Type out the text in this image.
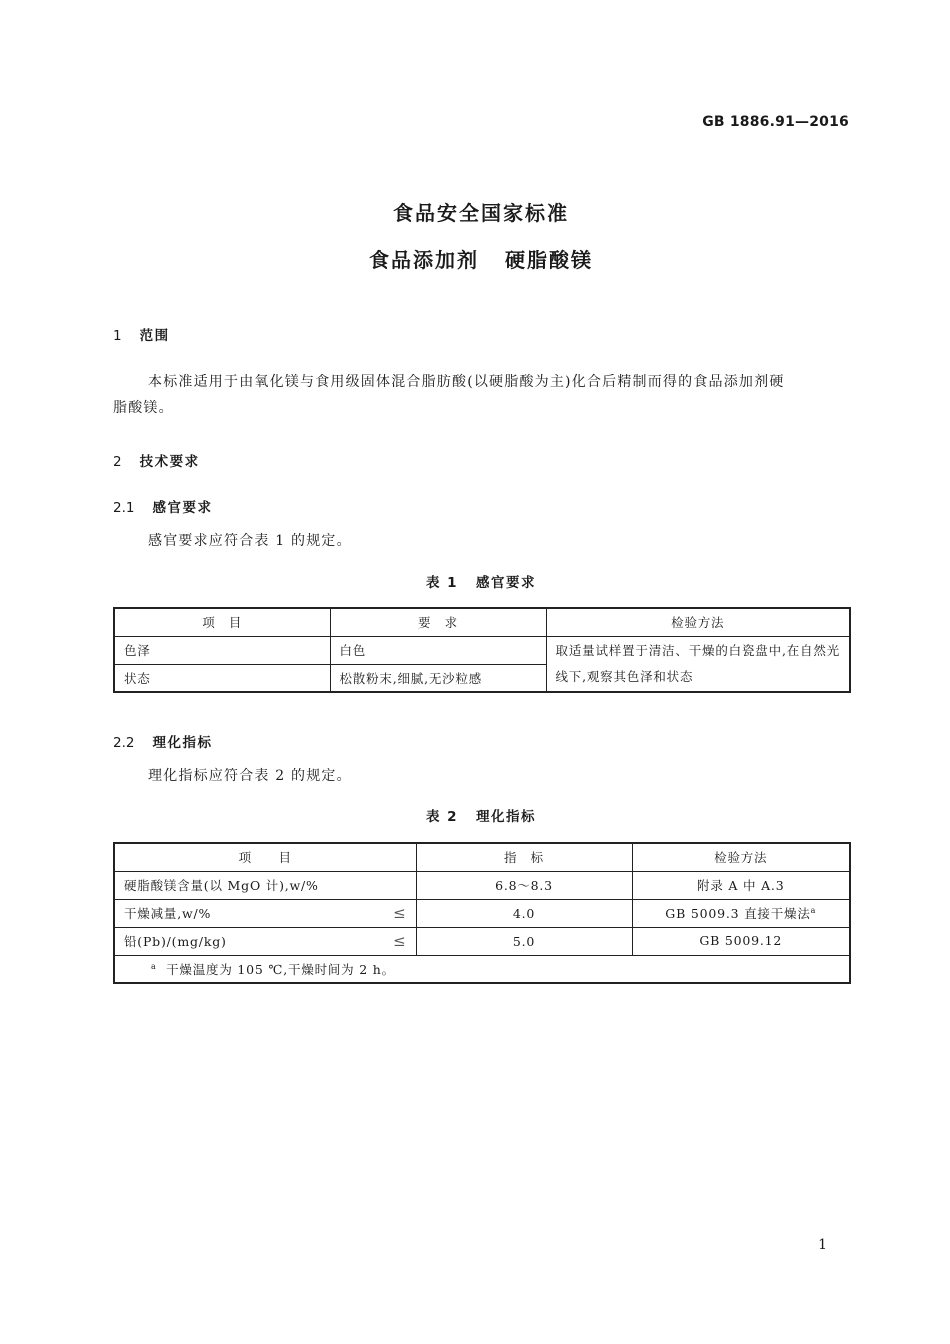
GB 1886.91—2016
食品安全国家标准
食品添加剂 硬脂酸镁
1 范围
本标准适用于由氧化镁与食用级固体混合脂肪酸(以硬脂酸为主)化合后精制而得的食品添加剂硬
脂酸镁。
2 技术要求
2.1 感官要求
感官要求应符合表 1 的规定。
表 1 感官要求
项　目	要　求	检验方法
色泽	白色	取适量试样置于清洁、干燥的白瓷盘中,在自然光线下,观察其色泽和状态
状态	松散粉末,细腻,无沙粒感	
2.2 理化指标
理化指标应符合表 2 的规定。
表 2 理化指标
项　　目	指　标	检验方法
硬脂酸镁含量(以 MgO 计),w/%	6.8～8.3	附录 A 中 A.3
干燥减量,w/% ≤	4.0	GB 5009.3 直接干燥法$^a$
铅(Pb)/(mg/kg) ≤	5.0	GB 5009.12
$^a$ 干燥温度为 105 ℃,干燥时间为 2 h。		
1
